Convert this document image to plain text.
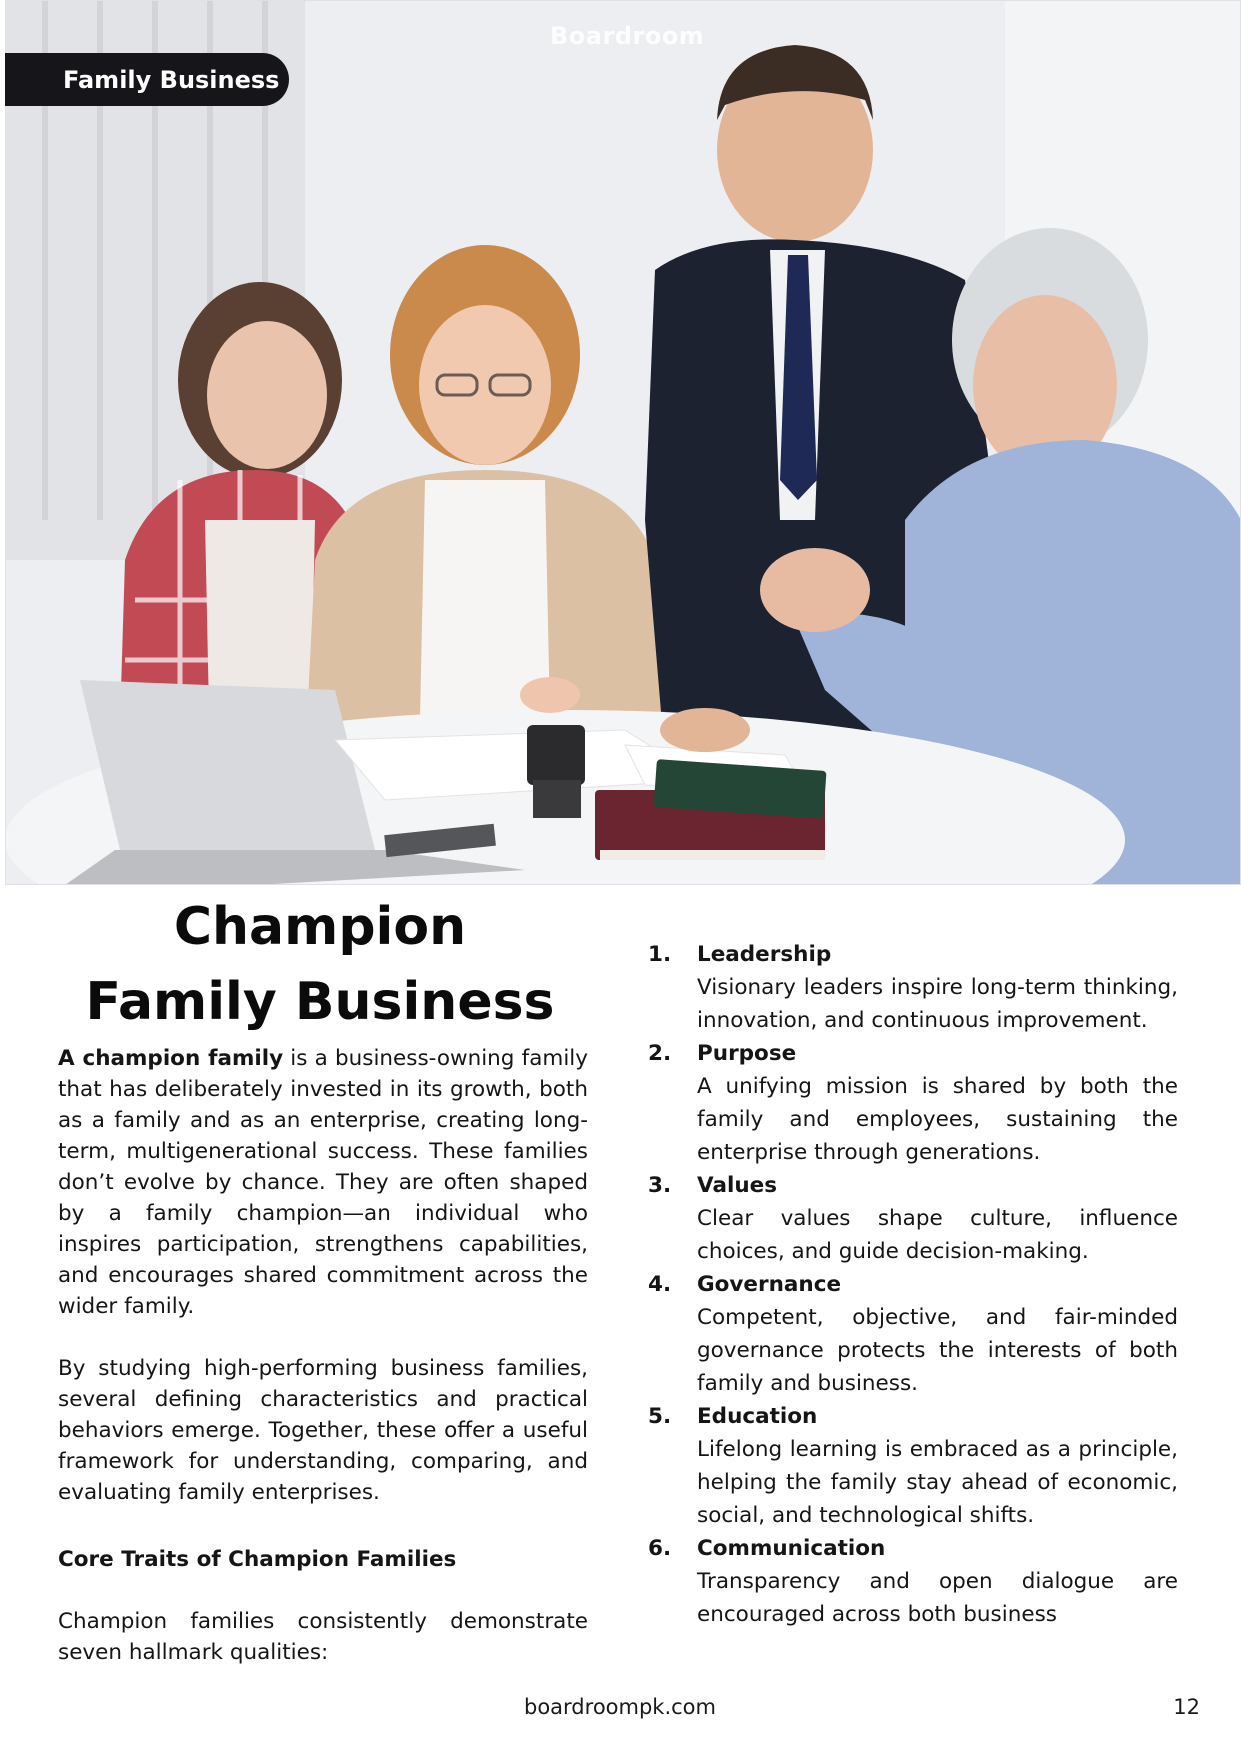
Boardroom
Family Business
Champion
Family Business

A champion family is a business-owning family that has deliberately invested in its growth, both as a family and as an enterprise, creating long-term, multigenerational success. These families don’t evolve by chance. They are often shaped by a family champion—an individual who inspires participation, strengthens capabilities, and encourages shared commitment across the wider family.

By studying high-performing business families, several defining characteristics and practical behaviors emerge. Together, these offer a useful framework for understanding, comparing, and evaluating family enterprises.

Core Traits of Champion Families

Champion families consistently demonstrate seven hallmark qualities:

1. Leadership
Visionary leaders inspire long-term thinking, innovation, and continuous improvement.
2. Purpose
A unifying mission is shared by both the family and employees, sustaining the enterprise through generations.
3. Values
Clear values shape culture, influence choices, and guide decision-making.
4. Governance
Competent, objective, and fair-minded governance protects the interests of both family and business.
5. Education
Lifelong learning is embraced as a principle, helping the family stay ahead of economic, social, and technological shifts.
6. Communication
Transparency and open dialogue are encouraged across both business
boardroompk.com	12
